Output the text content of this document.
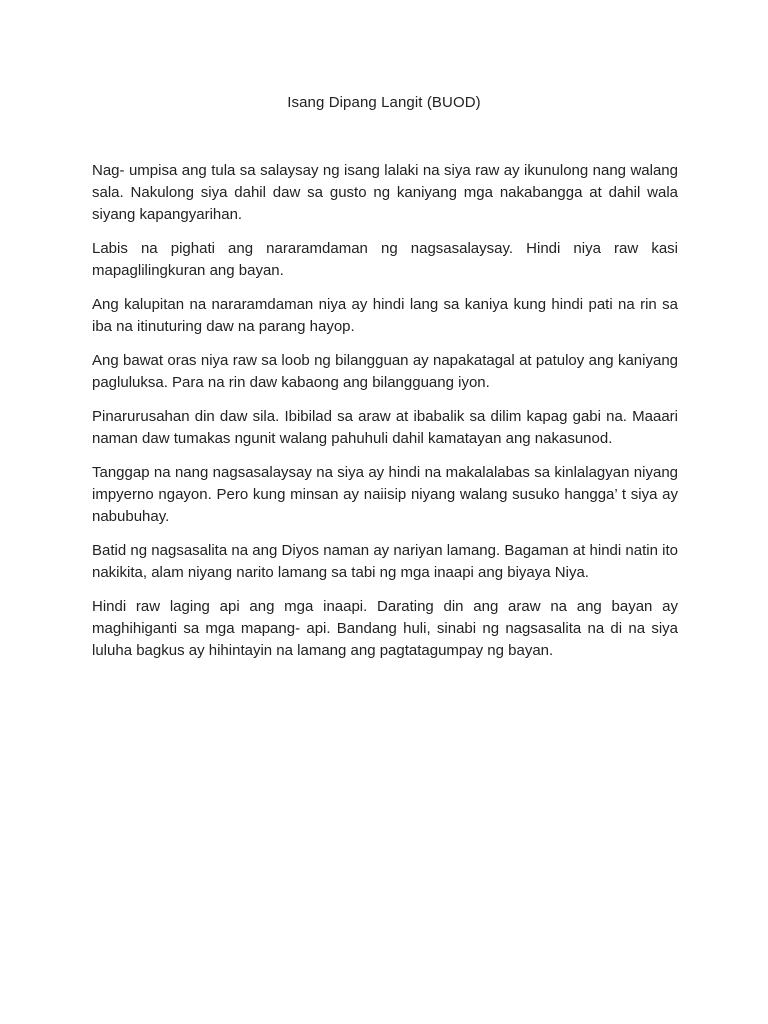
Isang Dipang Langit (BUOD)

Nag- umpisa ang tula sa salaysay ng isang lalaki na siya raw ay ikunulong nang walang sala. Nakulong siya dahil daw sa gusto ng kaniyang mga nakabangga at dahil wala siyang kapangyarihan.

Labis na pighati ang nararamdaman ng nagsasalaysay. Hindi niya raw kasi mapaglilingkuran ang bayan.

Ang kalupitan na nararamdaman niya ay hindi lang sa kaniya kung hindi pati na rin sa iba na itinuturing daw na parang hayop.

Ang bawat oras niya raw sa loob ng bilangguan ay napakatagal at patuloy ang kaniyang pagluluksa. Para na rin daw kabaong ang bilangguang iyon.

Pinarurusahan din daw sila. Ibibilad sa araw at ibabalik sa dilim kapag gabi na. Maaari naman daw tumakas ngunit walang pahuhuli dahil kamatayan ang nakasunod.

Tanggap na nang nagsasalaysay na siya ay hindi na makalalabas sa kinlalagyan niyang impyerno ngayon. Pero kung minsan ay naiisip niyang walang susuko hangga’ t siya ay nabubuhay.

Batid ng nagsasalita na ang Diyos naman ay nariyan lamang. Bagaman at hindi natin ito nakikita, alam niyang narito lamang sa tabi ng mga inaapi ang biyaya Niya.

Hindi raw laging api ang mga inaapi. Darating din ang araw na ang bayan ay maghihiganti sa mga mapang- api. Bandang huli, sinabi ng nagsasalita na di na siya luluha bagkus ay hihintayin na lamang ang pagtatagumpay ng bayan.
